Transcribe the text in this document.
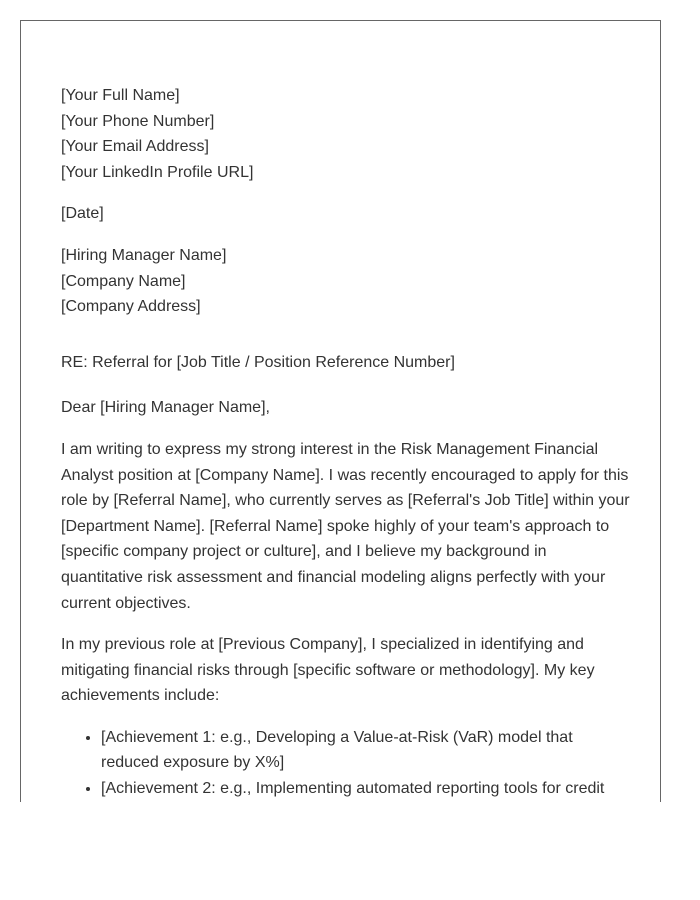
[Your Full Name]
[Your Phone Number]
[Your Email Address]
[Your LinkedIn Profile URL]
[Date]
[Hiring Manager Name]
[Company Name]
[Company Address]
RE: Referral for [Job Title / Position Reference Number]
Dear [Hiring Manager Name],

I am writing to express my strong interest in the Risk Management Financial Analyst position at [Company Name]. I was recently encouraged to apply for this role by [Referral Name], who currently serves as [Referral's Job Title] within your [Department Name]. [Referral Name] spoke highly of your team's approach to [specific company project or culture], and I believe my background in quantitative risk assessment and financial modeling aligns perfectly with your current objectives.

In my previous role at [Previous Company], I specialized in identifying and mitigating financial risks through [specific software or methodology]. My key achievements include:

• [Achievement 1: e.g., Developing a Value-at-Risk (VaR) model that reduced exposure by X%]
• [Achievement 2: e.g., Implementing automated reporting tools for credit
